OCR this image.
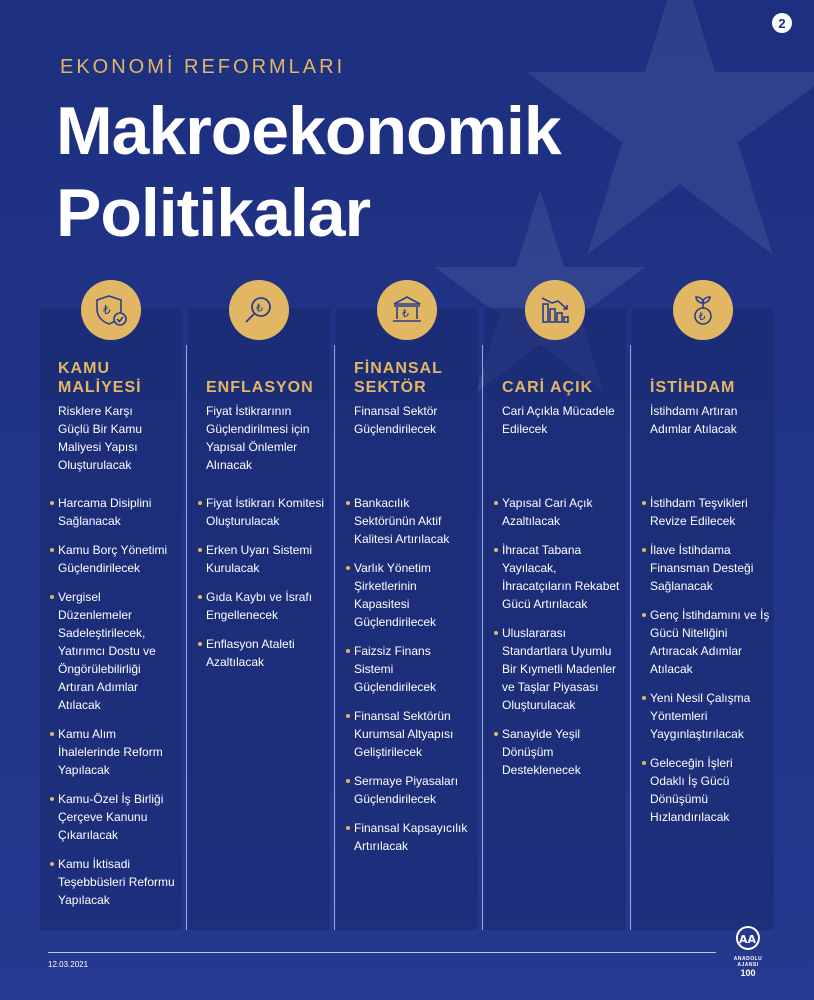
2
EKONOMİ REFORMLARI
Makroekonomik
Politikalar
₺	₺	₺	₺
KAMU
MALİYESİ
Risklere Karşı Güçlü Bir Kamu Maliyesi Yapısı Oluşturulacak
Harcama Disiplini Sağlanacak
Kamu Borç Yönetimi Güçlendirilecek
Vergisel Düzenlemeler Sadeleştirilecek, Yatırımcı Dostu ve Öngörülebilirliği Artıran Adımlar Atılacak
Kamu Alım İhalelerinde Reform Yapılacak
Kamu-Özel İş Birliği Çerçeve Kanunu Çıkarılacak
Kamu İktisadi Teşebbüsleri Reformu Yapılacak
ENFLASYON
Fiyat İstikrarının Güçlendirilmesi için Yapısal Önlemler Alınacak
Fiyat İstikrarı Komitesi Oluşturulacak
Erken Uyarı Sistemi Kurulacak
Gıda Kaybı ve İsrafı Engellenecek
Enflasyon Ataleti Azaltılacak
FİNANSAL
SEKTÖR
Finansal Sektör Güçlendirilecek
Bankacılık Sektörünün Aktif Kalitesi Artırılacak
Varlık Yönetim Şirketlerinin Kapasitesi Güçlendirilecek
Faizsiz Finans Sistemi Güçlendirilecek
Finansal Sektörün Kurumsal Altyapısı Geliştirilecek
Sermaye Piyasaları Güçlendirilecek
Finansal Kapsayıcılık Artırılacak
CARİ AÇIK
Cari Açıkla Mücadele Edilecek
Yapısal Cari Açık Azaltılacak
İhracat Tabana Yayılacak, İhracatçıların Rekabet Gücü Artırılacak
Uluslararası Standartlara Uyumlu Bir Kıymetli Madenler ve Taşlar Piyasası Oluşturulacak
Sanayide Yeşil Dönüşüm Desteklenecek
İSTİHDAM
İstihdamı Artıran Adımlar Atılacak
İstihdam Teşvikleri Revize Edilecek
İlave İstihdama Finansman Desteği Sağlanacak
Genç İstihdamını ve İş Gücü Niteliğini Artıracak Adımlar Atılacak
Yeni Nesil Çalışma Yöntemleri Yaygınlaştırılacak
Geleceğin İşleri Odaklı İş Gücü Dönüşümü Hızlandırılacak
12.03.2021
AA
ANADOLU AJANSI
100
